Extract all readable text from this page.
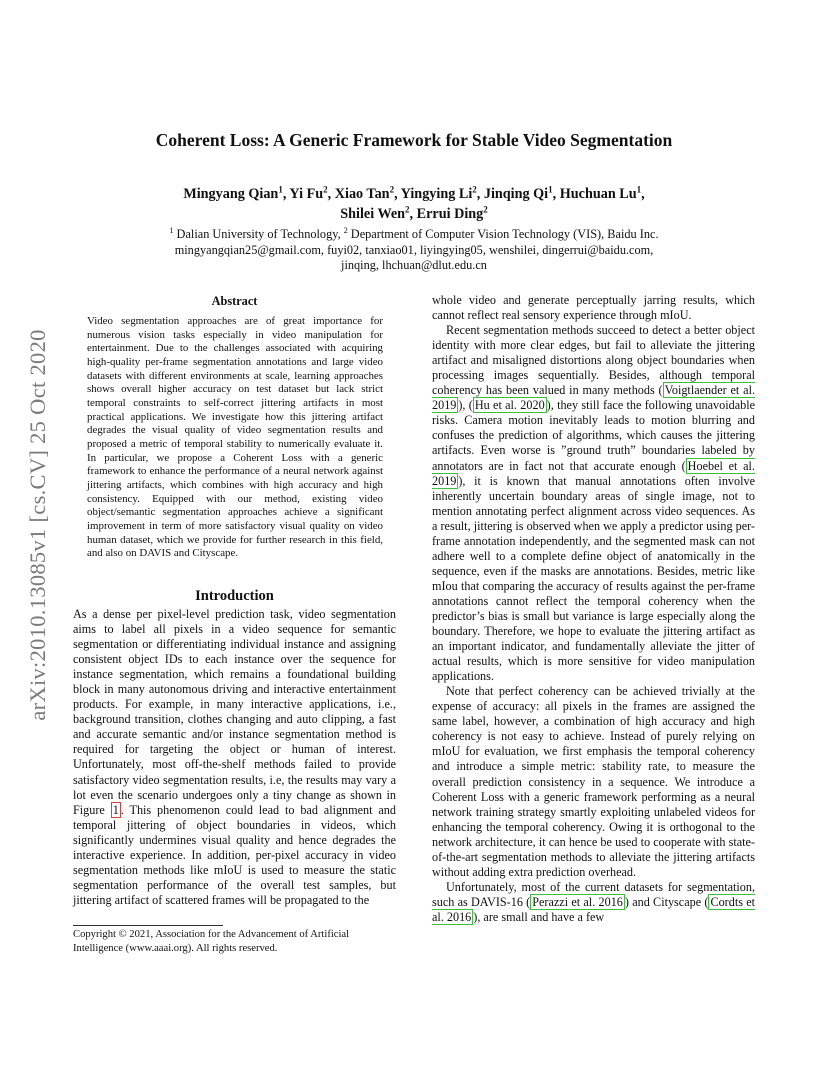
arXiv:2010.13085v1 [cs.CV] 25 Oct 2020
Coherent Loss: A Generic Framework for Stable Video Segmentation
Mingyang Qian$^1$, Yi Fu$^2$, Xiao Tan$^2$, Yingying Li$^2$, Jinqing Qi$^1$, Huchuan Lu$^1$,
Shilei Wen$^2$, Errui Ding$^2$
$^1$ Dalian University of Technology, $^2$ Department of Computer Vision Technology (VIS), Baidu Inc.
mingyangqian25@gmail.com, fuyi02, tanxiao01, liyingying05, wenshilei, dingerrui@baidu.com,
jinqing, lhchuan@dlut.edu.cn
Abstract
Video segmentation approaches are of great importance for numerous vision tasks especially in video manipulation for entertainment. Due to the challenges associated with acquiring high-quality per-frame segmentation annotations and large video datasets with different environments at scale, learning approaches shows overall higher accuracy on test dataset but lack strict temporal constraints to self-correct jittering artifacts in most practical applications. We investigate how this jittering artifact degrades the visual quality of video segmentation results and proposed a metric of temporal stability to numerically evaluate it. In particular, we propose a Coherent Loss with a generic framework to enhance the performance of a neural network against jittering artifacts, which combines with high accuracy and high consistency. Equipped with our method, existing video object/semantic segmentation approaches achieve a significant improvement in term of more satisfactory visual quality on video human dataset, which we provide for further research in this field, and also on DAVIS and Cityscape.
Introduction

As a dense per pixel-level prediction task, video segmentation aims to label all pixels in a video sequence for semantic segmentation or differentiating individual instance and assigning consistent object IDs to each instance over the sequence for instance segmentation, which remains a foundational building block in many autonomous driving and interactive entertainment products. For example, in many interactive applications, i.e., background transition, clothes changing and auto clipping, a fast and accurate semantic and/or instance segmentation method is required for targeting the object or human of interest. Unfortunately, most off-the-shelf methods failed to provide satisfactory video segmentation results, i.e, the results may vary a lot even the scenario undergoes only a tiny change as shown in Figure 1 . This phenomenon could lead to bad alignment and temporal jittering of object boundaries in videos, which significantly undermines visual quality and hence degrades the interactive experience. In addition, per-pixel accuracy in video segmentation methods like mIoU is used to measure the static segmentation performance of the overall test samples, but jittering artifact of scattered frames will be propagated to the

Copyright © 2021, Association for the Advancement of Artificial Intelligence (www.aaai.org). All rights reserved.

whole video and generate perceptually jarring results, which cannot reflect real sensory experience through mIoU.

Recent segmentation methods succeed to detect a better object identity with more clear edges, but fail to alleviate the jittering artifact and misaligned distortions along object boundaries when processing images sequentially. Besides, although temporal coherency has been valued in many methods ( Voigtlaender et al. 2019 ), ( Hu et al. 2020 ), they still face the following unavoidable risks. Camera motion inevitably leads to motion blurring and confuses the prediction of algorithms, which causes the jittering artifacts. Even worse is ”ground truth” boundaries labeled by annotators are in fact not that accurate enough ( Hoebel et al. 2019 ), it is known that manual annotations often involve inherently uncertain boundary areas of single image, not to mention annotating perfect alignment across video sequences. As a result, jittering is observed when we apply a predictor using per-frame annotation independently, and the segmented mask can not adhere well to a complete define object of anatomically in the sequence, even if the masks are annotations. Besides, metric like mIou that comparing the accuracy of results against the per-frame annotations cannot reflect the temporal coherency when the predictor’s bias is small but variance is large especially along the boundary. Therefore, we hope to evaluate the jittering artifact as an important indicator, and fundamentally alleviate the jitter of actual results, which is more sensitive for video manipulation applications.

Note that perfect coherency can be achieved trivially at the expense of accuracy: all pixels in the frames are assigned the same label, however, a combination of high accuracy and high coherency is not easy to achieve. Instead of purely relying on mIoU for evaluation, we first emphasis the temporal coherency and introduce a simple metric: stability rate, to measure the overall prediction consistency in a sequence. We introduce a Coherent Loss with a generic framework performing as a neural network training strategy smartly exploiting unlabeled videos for enhancing the temporal coherency. Owing it is orthogonal to the network architecture, it can hence be used to cooperate with state-of-the-art segmentation methods to alleviate the jittering artifacts without adding extra prediction overhead.

Unfortunately, most of the current datasets for segmentation, such as DAVIS-16 ( Perazzi et al. 2016 ) and Cityscape ( Cordts et al. 2016 ), are small and have a few
